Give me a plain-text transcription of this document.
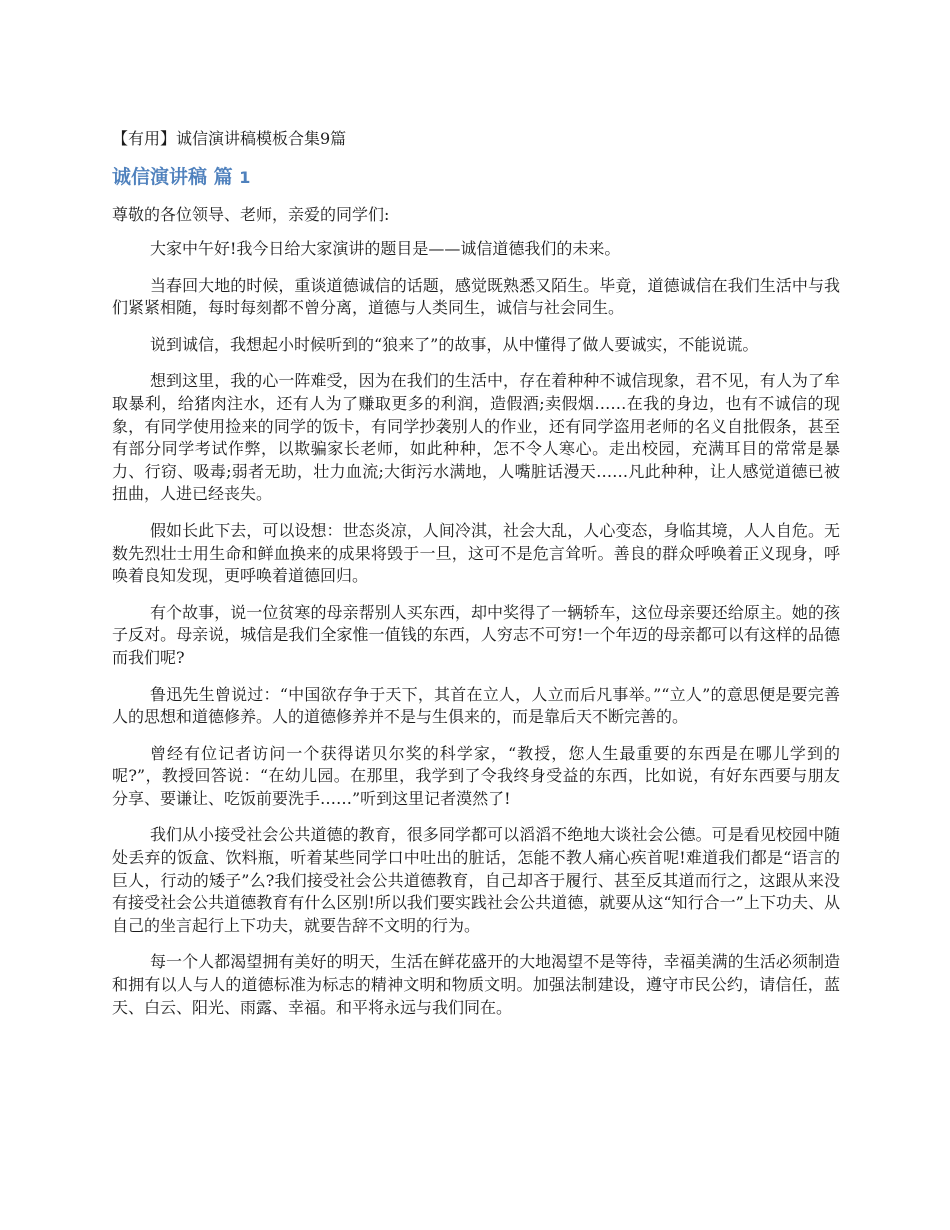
【有用】诚信演讲稿模板合集9篇
诚信演讲稿 篇 1
尊敬的各位领导、老师，亲爱的同学们:

大家中午好!我今日给大家演讲的题目是——诚信道德我们的未来。

当春回大地的时候，重谈道德诚信的话题，感觉既熟悉又陌生。毕竟，道德诚信在我们生活中与我们紧紧相随，每时每刻都不曾分离，道德与人类同生，诚信与社会同生。

说到诚信，我想起小时候听到的“狼来了”的故事，从中懂得了做人要诚实，不能说谎。

想到这里，我的心一阵难受，因为在我们的生活中，存在着种种不诚信现象，君不见，有人为了牟取暴利，给猪肉注水，还有人为了赚取更多的利润，造假酒;卖假烟……在我的身边，也有不诚信的现象，有同学使用捡来的同学的饭卡，有同学抄袭别人的作业，还有同学盗用老师的名义自批假条，甚至有部分同学考试作弊，以欺骗家长老师，如此种种，怎不令人寒心。走出校园，充满耳目的常常是暴力、行窃、吸毒;弱者无助，壮力血流;大街污水满地，人嘴脏话漫天……凡此种种，让人感觉道德已被扭曲，人进已经丧失。

假如长此下去，可以设想：世态炎凉，人间冷淇，社会大乱，人心变态，身临其境，人人自危。无数先烈壮士用生命和鲜血换来的成果将毁于一旦，这可不是危言耸听。善良的群众呼唤着正义现身，呼唤着良知发现，更呼唤着道德回归。

有个故事，说一位贫寒的母亲帮别人买东西，却中奖得了一辆轿车，这位母亲要还给原主。她的孩子反对。母亲说，城信是我们全家惟一值钱的东西，人穷志不可穷!一个年迈的母亲都可以有这样的品德而我们呢?

鲁迅先生曾说过：“中国欲存争于天下，其首在立人，人立而后凡事举。”“立人”的意思便是要完善人的思想和道德修养。人的道德修养并不是与生俱来的，而是靠后天不断完善的。

曾经有位记者访问一个获得诺贝尔奖的科学家，“教授，您人生最重要的东西是在哪儿学到的呢?”，教授回答说：“在幼儿园。在那里，我学到了令我终身受益的东西，比如说，有好东西要与朋友分享、要谦让、吃饭前要洗手……”听到这里记者漠然了!

我们从小接受社会公共道德的教育，很多同学都可以滔滔不绝地大谈社会公德。可是看见校园中随处丢弃的饭盒、饮料瓶，听着某些同学口中吐出的脏话，怎能不教人痛心疾首呢!难道我们都是“语言的巨人，行动的矮子”么?我们接受社会公共道德教育，自己却吝于履行、甚至反其道而行之，这跟从来没有接受社会公共道德教育有什么区别!所以我们要实践社会公共道德，就要从这“知行合一”上下功夫、从自己的坐言起行上下功夫，就要告辞不文明的行为。

每一个人都渴望拥有美好的明天，生活在鲜花盛开的大地渴望不是等待，幸福美满的生活必须制造和拥有以人与人的道德标准为标志的精神文明和物质文明。加强法制建设，遵守市民公约，请信任，蓝天、白云、阳光、雨露、幸福。和平将永远与我们同在。
